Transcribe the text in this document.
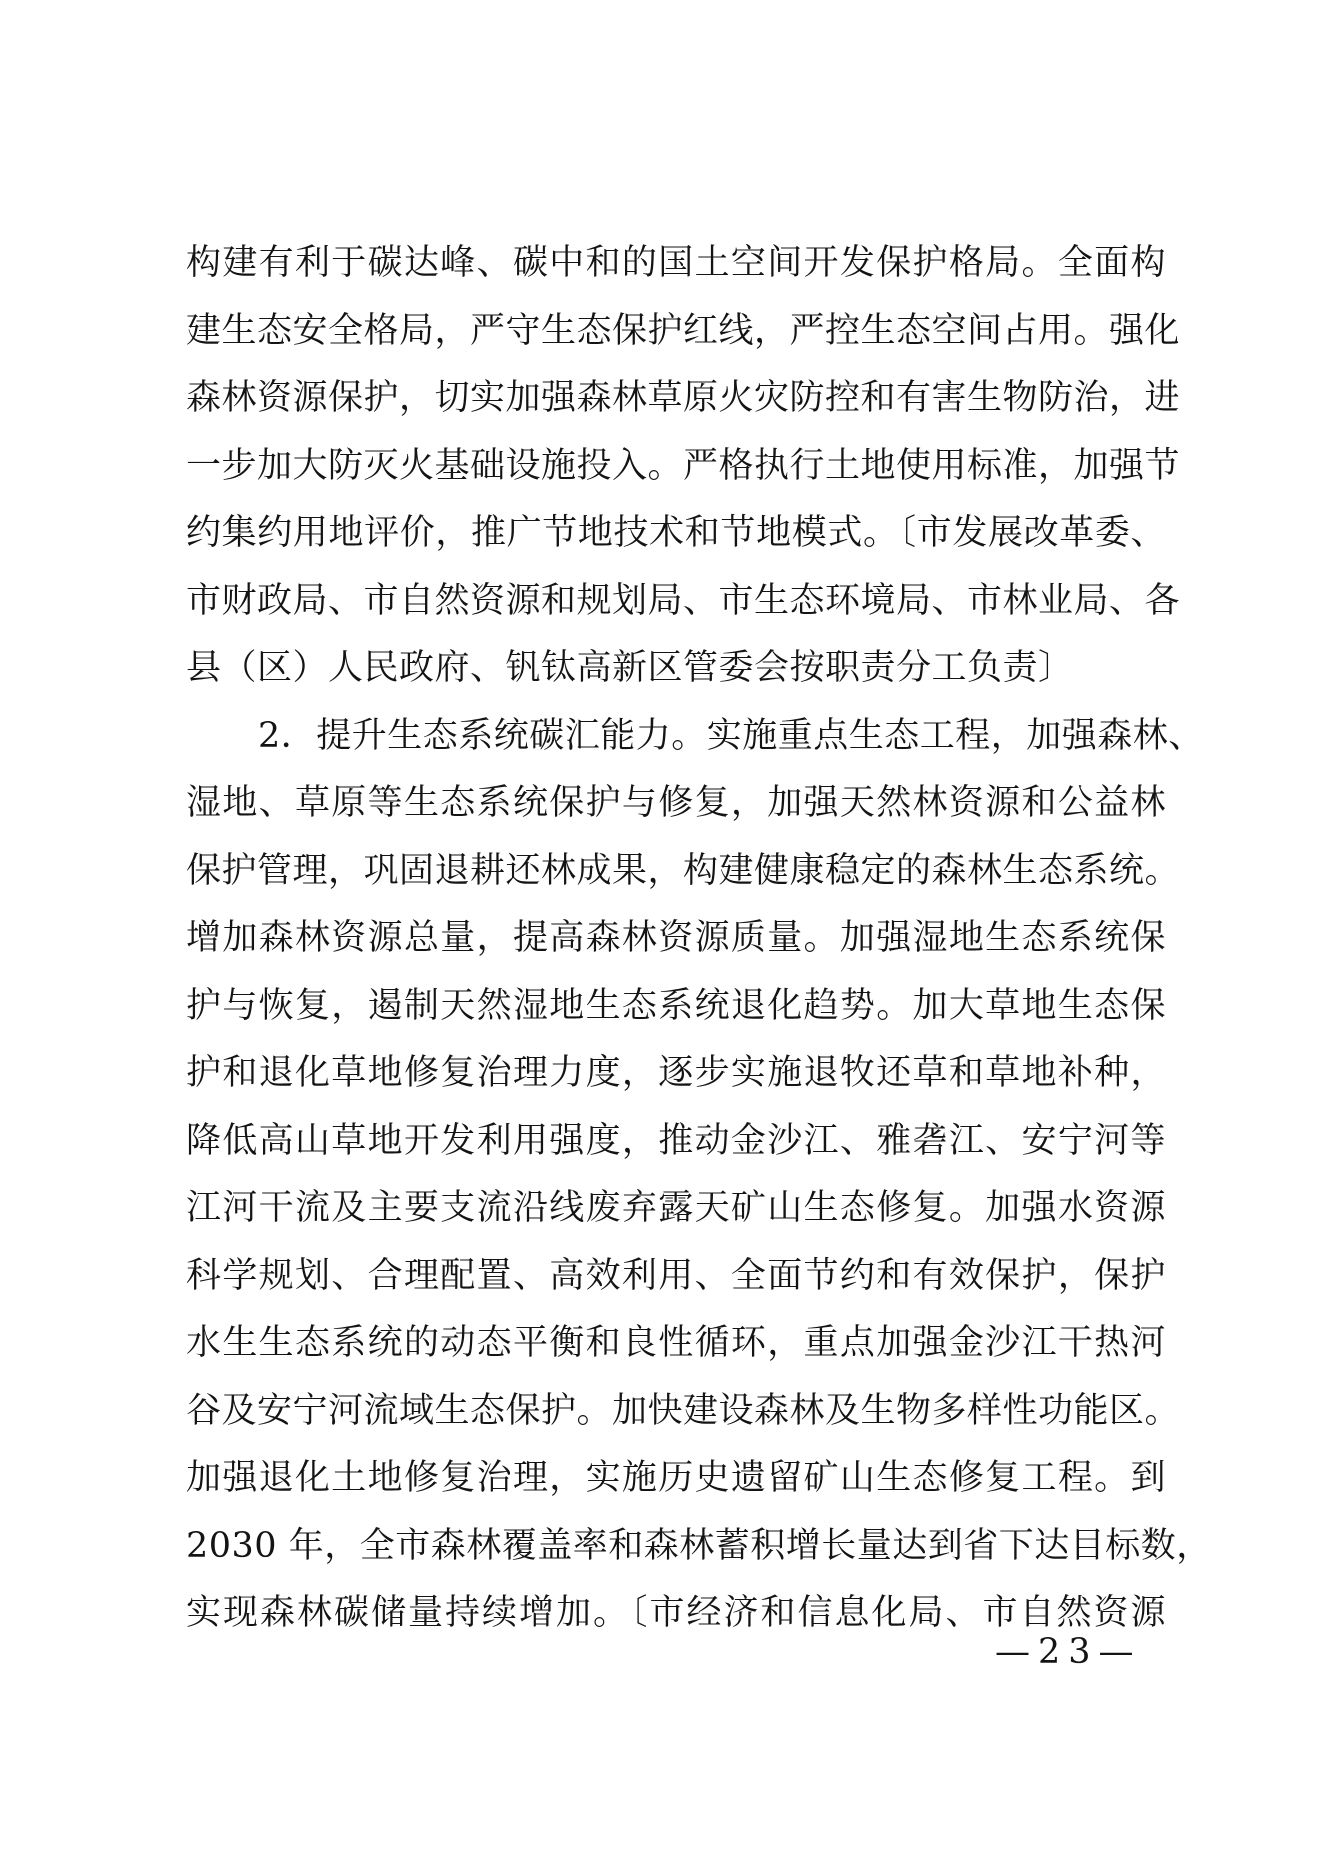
构建有利于碳达峰、碳中和的国土空间开发保护格局。全面构
建生态安全格局，严守生态保护红线，严控生态空间占用。强化
森林资源保护，切实加强森林草原火灾防控和有害生物防治，进
一步加大防灭火基础设施投入。严格执行土地使用标准，加强节
约集约用地评价，推广节地技术和节地模式。〔市发展改革委、
市财政局、市自然资源和规划局、市生态环境局、市林业局、各
县（区）人民政府、钒钛高新区管委会按职责分工负责〕
2．提升生态系统碳汇能力。实施重点生态工程，加强森林、
湿地、草原等生态系统保护与修复，加强天然林资源和公益林
保护管理，巩固退耕还林成果，构建健康稳定的森林生态系统。
增加森林资源总量，提高森林资源质量。加强湿地生态系统保
护与恢复，遏制天然湿地生态系统退化趋势。加大草地生态保
护和退化草地修复治理力度，逐步实施退牧还草和草地补种，
降低高山草地开发利用强度，推动金沙江、雅砻江、安宁河等
江河干流及主要支流沿线废弃露天矿山生态修复。加强水资源
科学规划、合理配置、高效利用、全面节约和有效保护，保护
水生生态系统的动态平衡和良性循环，重点加强金沙江干热河
谷及安宁河流域生态保护。加快建设森林及生物多样性功能区。
加强退化土地修复治理，实施历史遗留矿山生态修复工程。到
2030 年，全市森林覆盖率和森林蓄积增长量达到省下达目标数，
实现森林碳储量持续增加。〔市经济和信息化局、市自然资源
—23—
